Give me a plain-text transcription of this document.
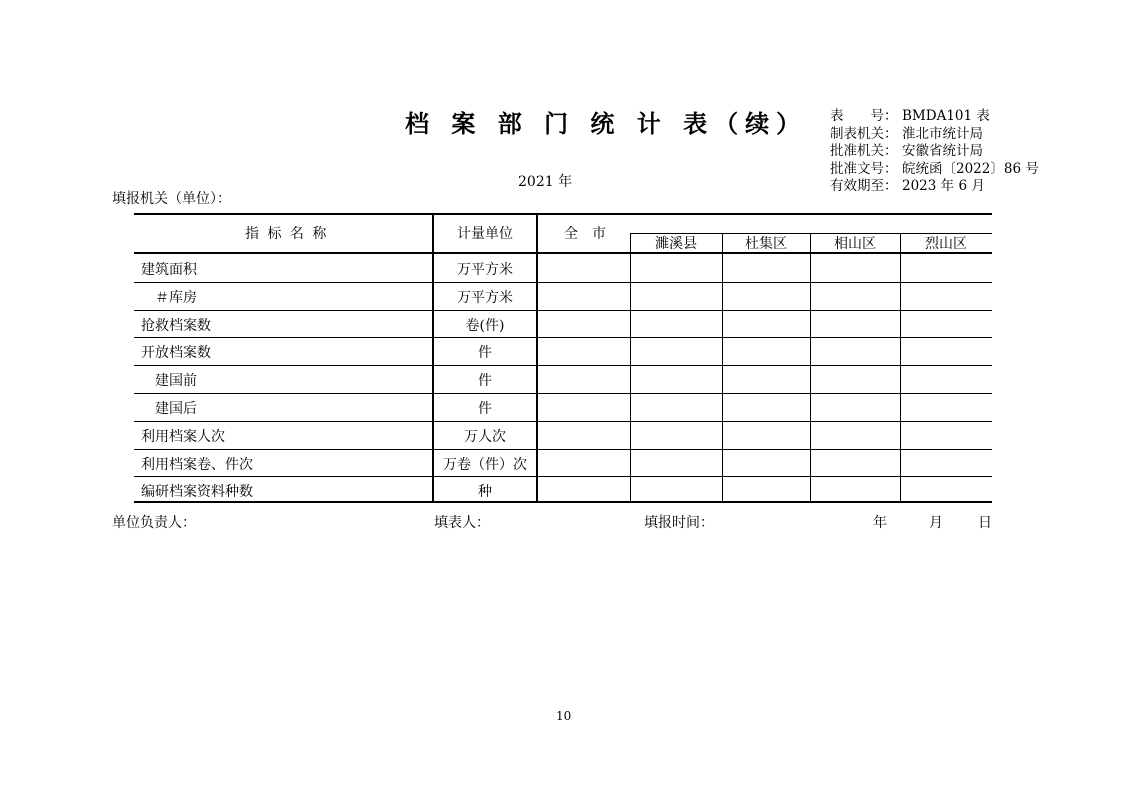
档 案 部 门 统 计 表（续）
2021 年
填报机关（单位）：
表　　号： BMDA101 表
制表机关： 淮北市统计局
批准机关： 安徽省统计局
批准文号： 皖统函〔2022〕86 号
有效期至： 2023 年 6 月
指 标 名 称	计量单位	全　市
濉溪县	杜集区	相山区	烈山区
建筑面积	万平方米
＃库房	万平方米
抢救档案数	卷(件)
开放档案数	件
建国前	件
建国后	件
利用档案人次	万人次
利用档案卷、件次	万卷（件）次
编研档案资料种数	种
单位负责人：	填表人：	填报时间：	年	月	日
10
